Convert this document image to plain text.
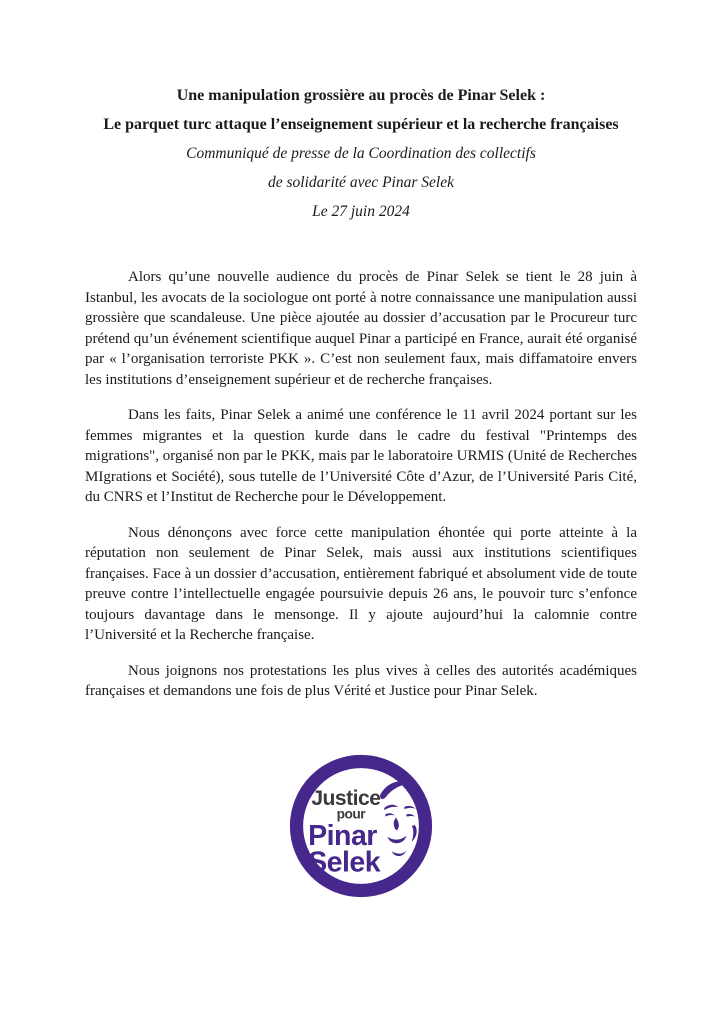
Une manipulation grossière au procès de Pinar Selek :
Le parquet turc attaque l’enseignement supérieur et la recherche françaises
Communiqué de presse de la Coordination des collectifs
de solidarité avec Pinar Selek
Le 27 juin 2024

Alors qu’une nouvelle audience du procès de Pinar Selek se tient le 28 juin à Istanbul, les avocats de la sociologue ont porté à notre connaissance une manipulation aussi grossière que scandaleuse. Une pièce ajoutée au dossier d’accusation par le Procureur turc prétend qu’un événement scientifique auquel Pinar a participé en France, aurait été organisé par « l’organisation terroriste PKK ». C’est non seulement faux, mais diffamatoire envers les institutions d’enseignement supérieur et de recherche françaises.

Dans les faits, Pinar Selek a animé une conférence le 11 avril 2024 portant sur les femmes migrantes et la question kurde dans le cadre du festival "Printemps des migrations", organisé non par le PKK, mais par le laboratoire URMIS (Unité de Recherches MIgrations et Société), sous tutelle de l’Université Côte d’Azur, de l’Université Paris Cité, du CNRS et l’Institut de Recherche pour le Développement.

Nous dénonçons avec force cette manipulation éhontée qui porte atteinte à la réputation non seulement de Pinar Selek, mais aussi aux institutions scientifiques françaises. Face à un dossier d’accusation, entièrement fabriqué et absolument vide de toute preuve contre l’intellectuelle engagée poursuivie depuis 26 ans, le pouvoir turc s’enfonce toujours davantage dans le mensonge. Il y ajoute aujourd’hui la calomnie contre l’Université et la Recherche française.

Nous joignons nos protestations les plus vives à celles des autorités académiques françaises et demandons une fois de plus Vérité et Justice pour Pinar Selek.

Justice
pour
Pinar
Şelek
